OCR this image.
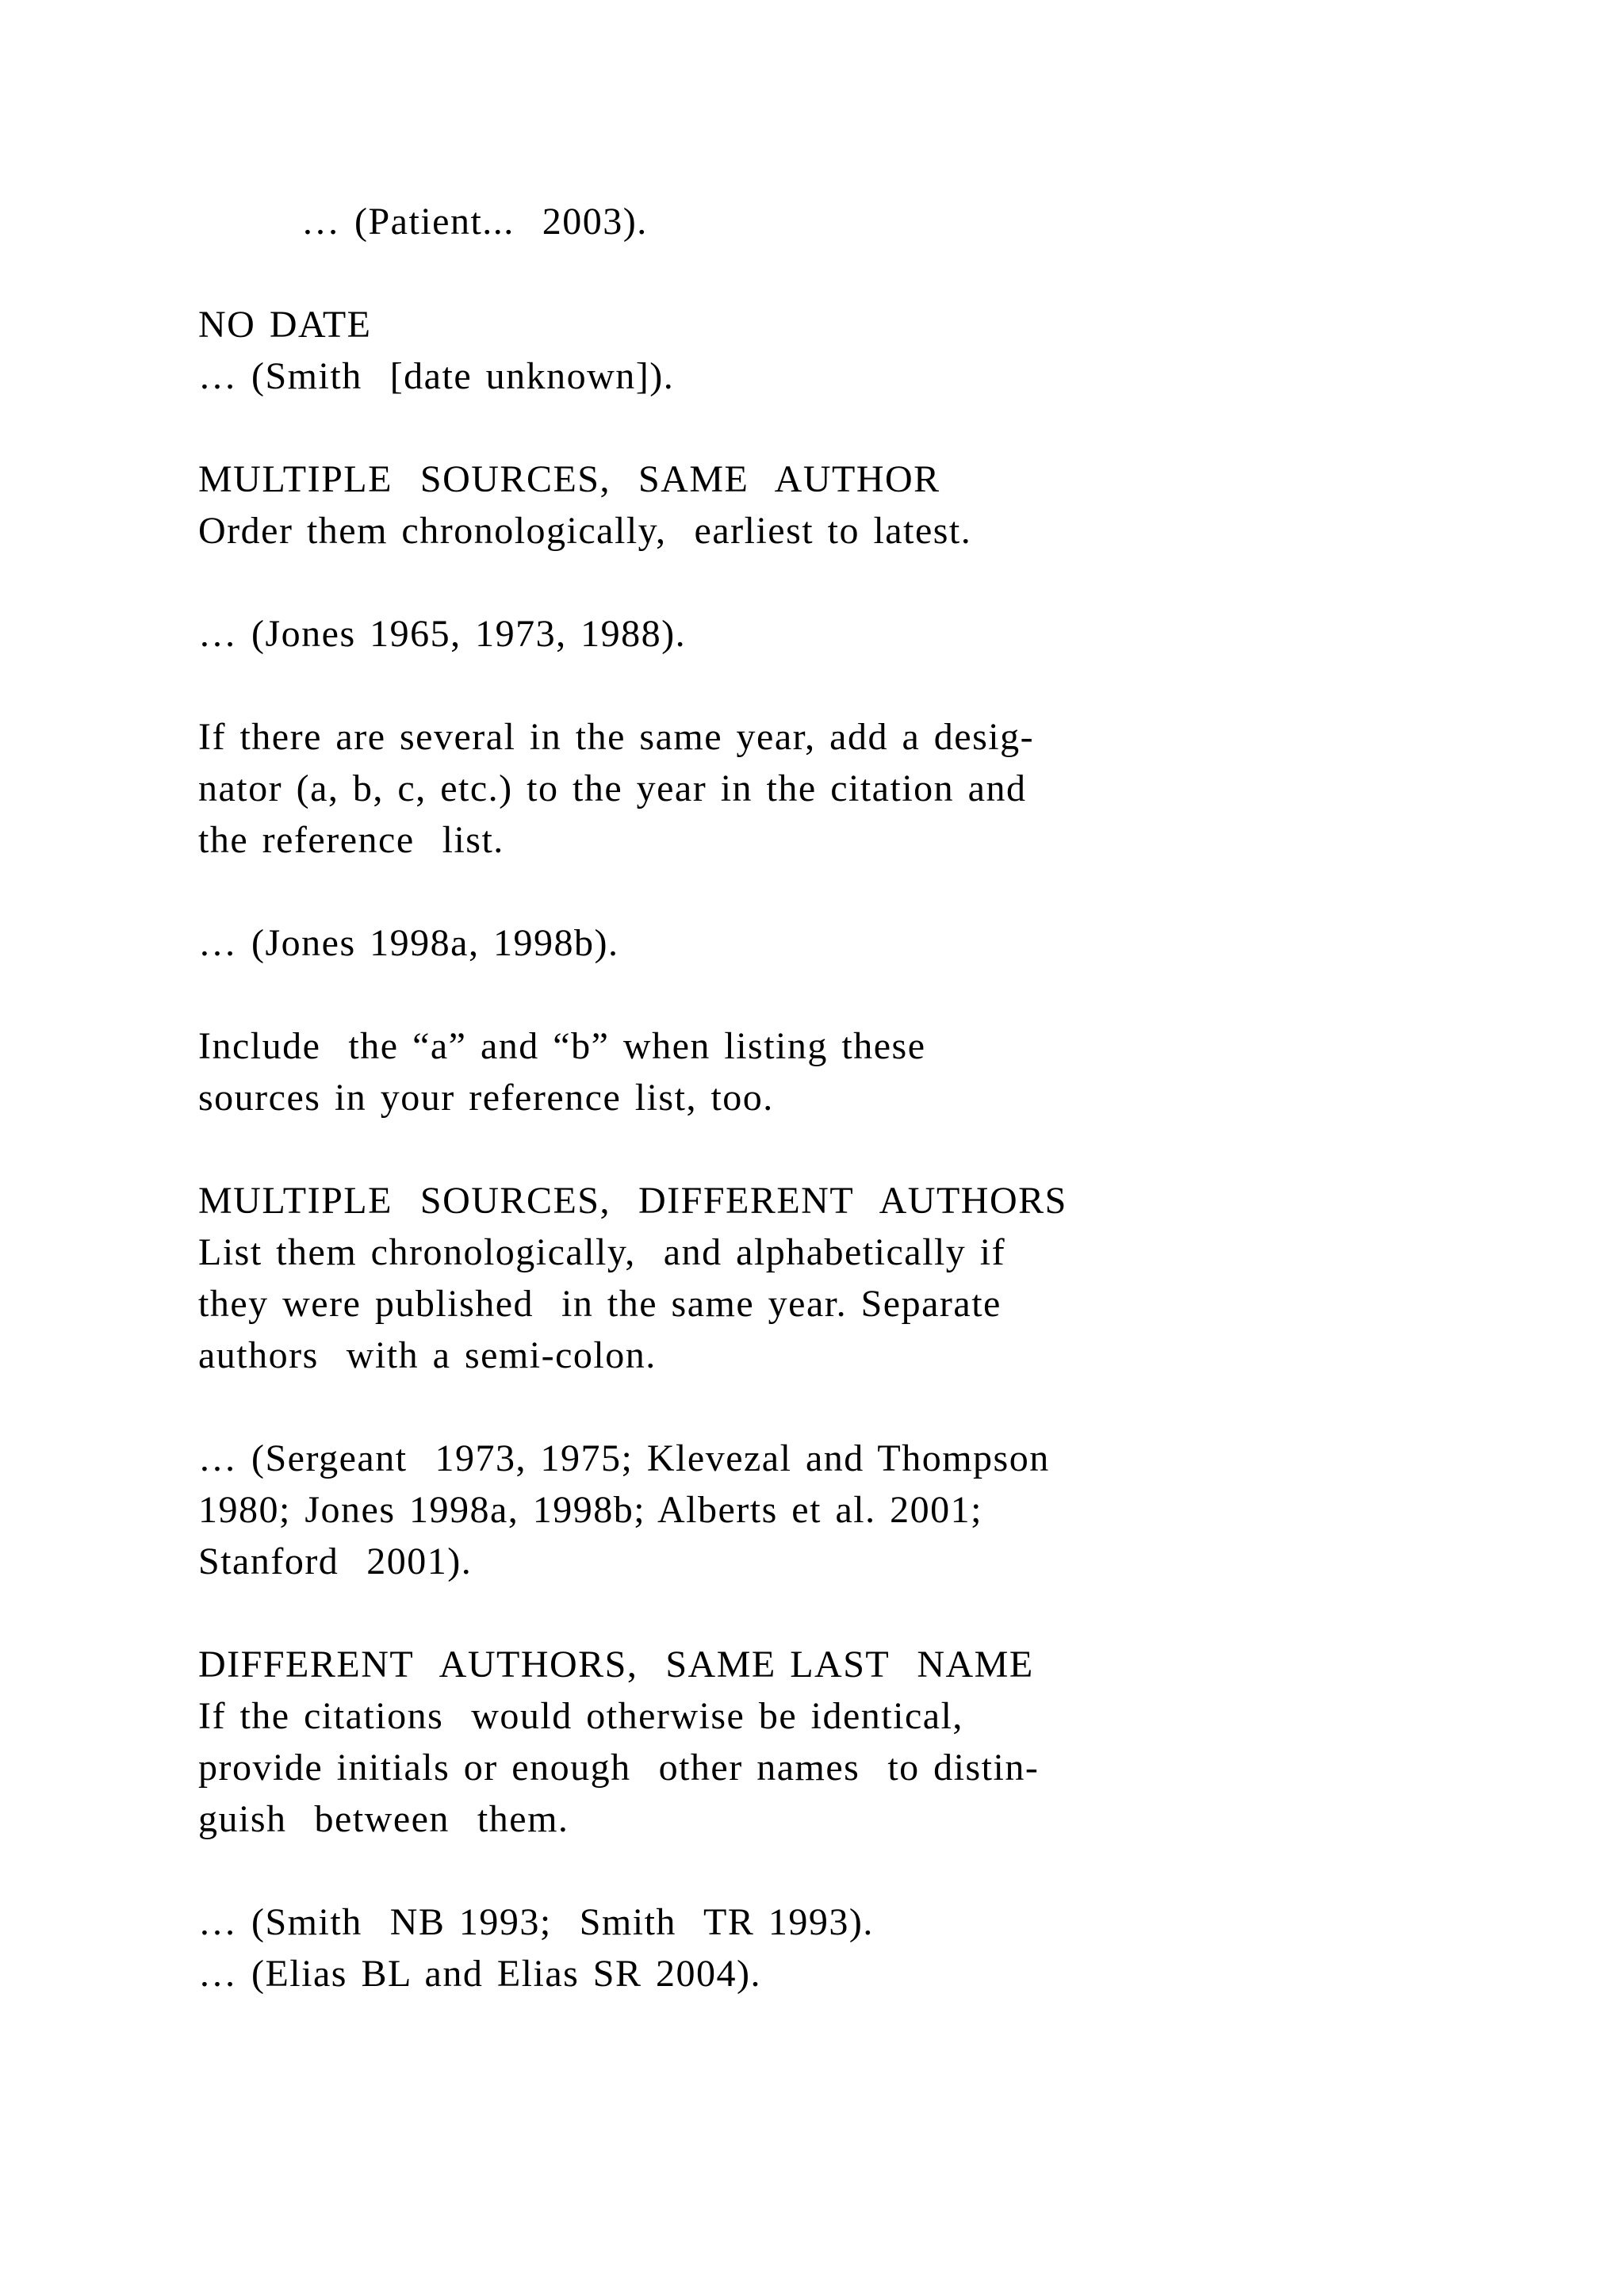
… (Patient...  2003).
NO DATE
… (Smith  [date unknown]).
MULTIPLE  SOURCES,  SAME  AUTHOR
Order them chronologically,  earliest to latest.
… (Jones 1965, 1973, 1988).
If there are several in the same year, add a desig-
nator (a, b, c, etc.) to the year in the citation and
the reference  list.
… (Jones 1998a, 1998b).
Include  the “a” and “b” when listing these
sources in your reference list, too.
MULTIPLE  SOURCES,  DIFFERENT  AUTHORS
List them chronologically,  and alphabetically if
they were published  in the same year. Separate
authors  with a semi-colon.
… (Sergeant  1973, 1975; Klevezal and Thompson
1980; Jones 1998a, 1998b; Alberts et al. 2001;
Stanford  2001).
DIFFERENT  AUTHORS,  SAME LAST  NAME
If the citations  would otherwise be identical,
provide initials or enough  other names  to distin-
guish  between  them.
… (Smith  NB 1993;  Smith  TR 1993).
… (Elias BL and Elias SR 2004).
